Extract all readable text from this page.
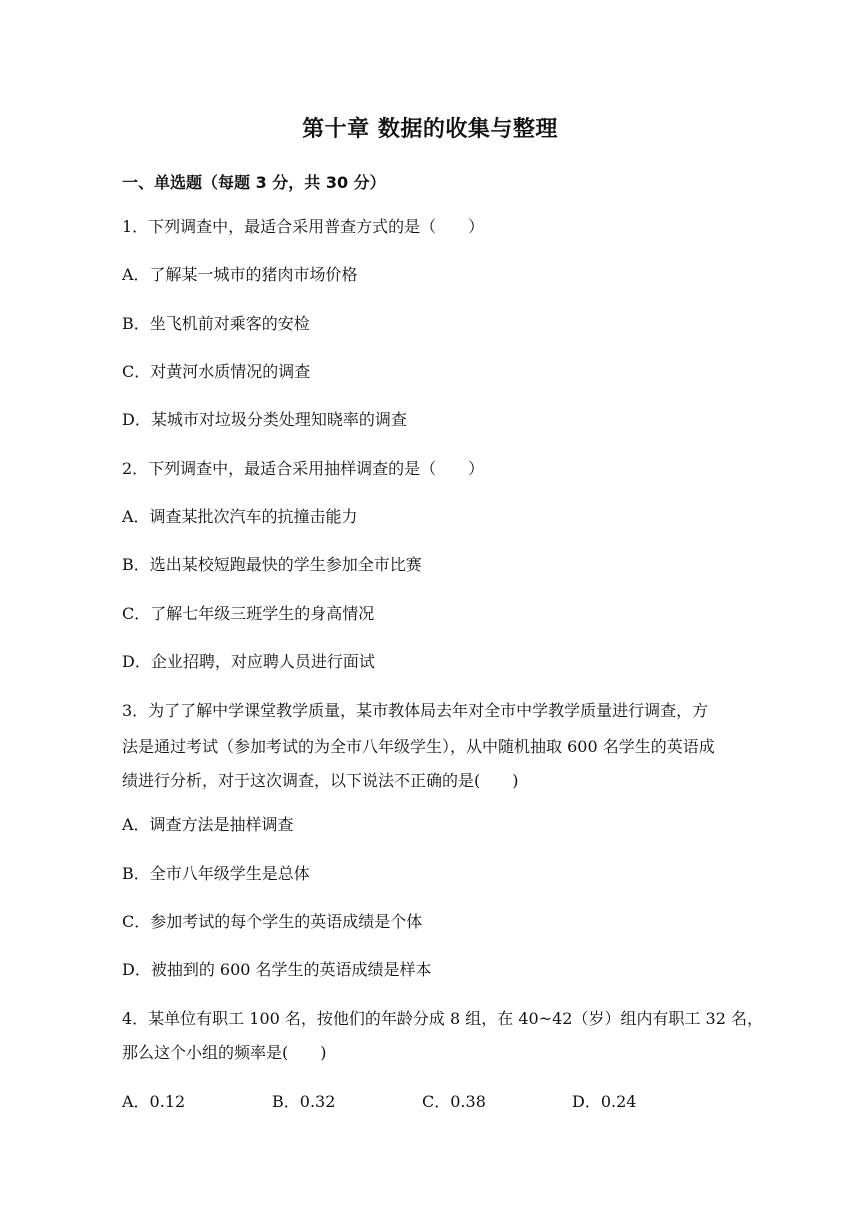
第十章 数据的收集与整理
一、单选题（每题 3 分，共 30 分）
1．下列调查中，最适合采用普查方式的是（　　）
A．了解某一城市的猪肉市场价格
B．坐飞机前对乘客的安检
C．对黄河水质情况的调查
D．某城市对垃圾分类处理知晓率的调查
2．下列调查中，最适合采用抽样调查的是（　　）
A．调查某批次汽车的抗撞击能力
B．选出某校短跑最快的学生参加全市比赛
C．了解七年级三班学生的身高情况
D．企业招聘，对应聘人员进行面试
3．为了了解中学课堂教学质量，某市教体局去年对全市中学教学质量进行调查，方
法是通过考试（参加考试的为全市八年级学生），从中随机抽取 600 名学生的英语成
绩进行分析，对于这次调查，以下说法不正确的是(　　)
A．调查方法是抽样调查
B．全市八年级学生是总体
C．参加考试的每个学生的英语成绩是个体
D．被抽到的 600 名学生的英语成绩是样本
4．某单位有职工 100 名，按他们的年龄分成 8 组，在 40~42（岁）组内有职工 32 名，
那么这个小组的频率是(　　)
A．0.12	B．0.32	C．0.38	D．0.24
